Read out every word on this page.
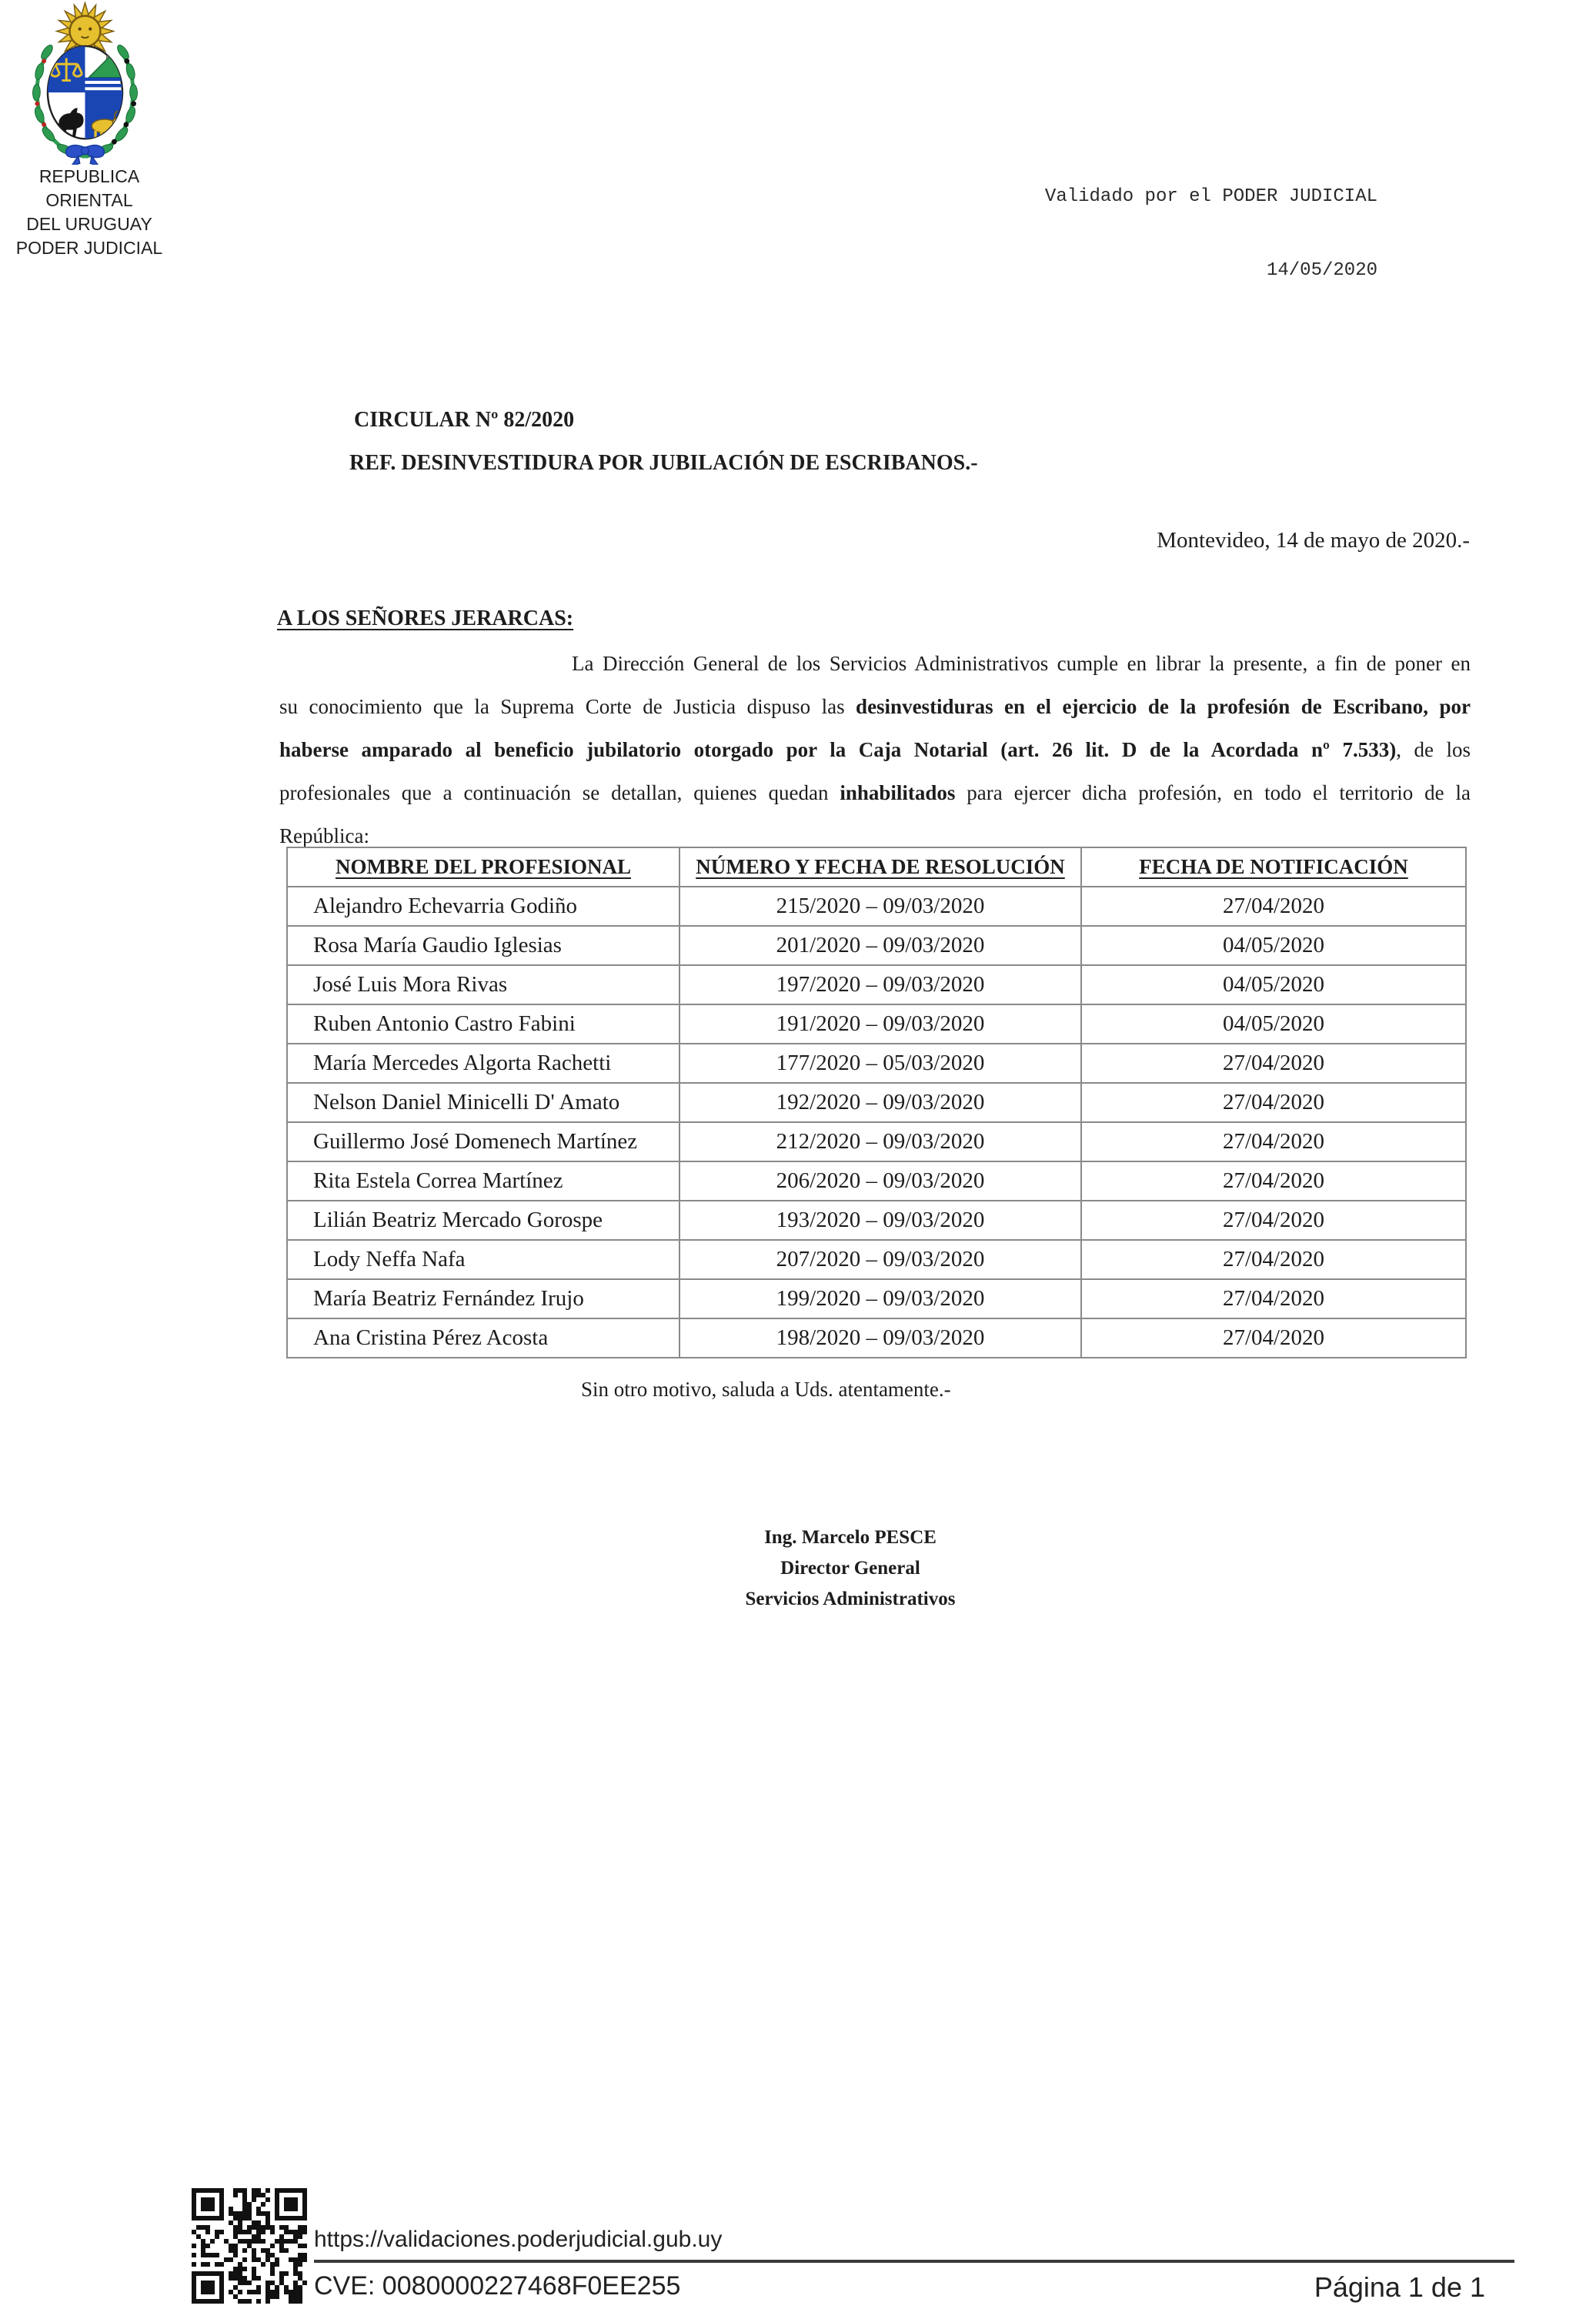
REPUBLICA ORIENTAL
DEL URUGUAY
PODER JUDICIAL

Validado por el PODER JUDICIAL

14/05/2020

CIRCULAR Nº 82/2020
REF. DESINVESTIDURA POR JUBILACIÓN DE ESCRIBANOS.-
Montevideo, 14 de mayo de 2020.-
A LOS SEÑORES JERARCAS:
La Dirección General de los Servicios Administrativos cumple en librar la presente, a fin de poner en
su conocimiento que la Suprema Corte de Justicia dispuso las desinvestiduras en el ejercicio de la profesión de Escribano, por
haberse amparado al beneficio jubilatorio otorgado por la Caja Notarial (art. 26 lit. D de la Acordada nº 7.533), de los
profesionales que a continuación se detallan, quienes quedan inhabilitados para ejercer dicha profesión, en todo el territorio de la
República:
NOMBRE DEL PROFESIONAL	NÚMERO Y FECHA DE RESOLUCIÓN	FECHA DE NOTIFICACIÓN
Alejandro Echevarria Godiño	215/2020 – 09/03/2020	27/04/2020
Rosa María Gaudio Iglesias	201/2020 – 09/03/2020	04/05/2020
José Luis Mora Rivas	197/2020 – 09/03/2020	04/05/2020
Ruben Antonio Castro Fabini	191/2020 – 09/03/2020	04/05/2020
María Mercedes Algorta Rachetti	177/2020 – 05/03/2020	27/04/2020
Nelson Daniel Minicelli D' Amato	192/2020 – 09/03/2020	27/04/2020
Guillermo José Domenech Martínez	212/2020 – 09/03/2020	27/04/2020
Rita Estela Correa Martínez	206/2020 – 09/03/2020	27/04/2020
Lilián Beatriz Mercado Gorospe	193/2020 – 09/03/2020	27/04/2020
Lody Neffa Nafa	207/2020 – 09/03/2020	27/04/2020
María Beatriz Fernández Irujo	199/2020 – 09/03/2020	27/04/2020
Ana Cristina Pérez Acosta	198/2020 – 09/03/2020	27/04/2020
Sin otro motivo, saluda a Uds. atentamente.-
Ing. Marcelo PESCE
Director General
Servicios Administrativos
https://validaciones.poderjudicial.gub.uy
CVE: 0080000227468F0EE255	Página 1 de 1
